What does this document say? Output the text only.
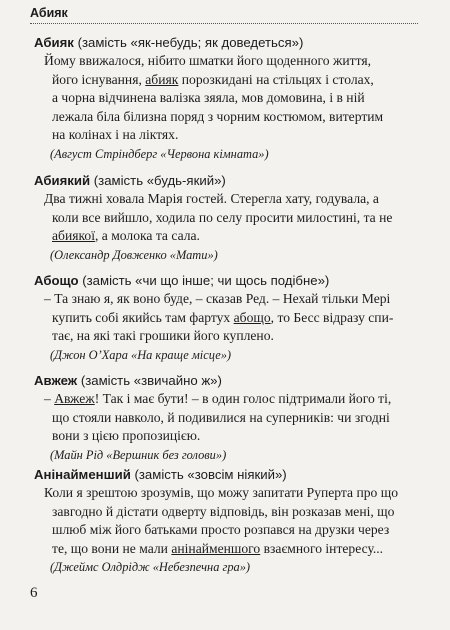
Абияк
Абияк (замість «як-небудь; як доведеться»)
Йому ввижалося, нібито шматки його щоденного життя,
його існування, абияк порозкидані на стільцях і столах,
а чорна відчинена валізка зяяла, мов домовина, і в ній
лежала біла білизна поряд з чорним костюмом, витертим
на колінах і на ліктях.
(Август Стріндберг «Червона кімната»)
Абиякий (замість «будь-який»)
Два тижні ховала Марія гостей. Стерегла хату, годувала, а
коли все вийшло, ходила по селу просити милостині, та не
абиякої, а молока та сала.
(Олександр Довженко «Мати»)
Абощо (замість «чи що інше; чи щось подібне»)
– Та знаю я, як воно буде, – сказав Ред. – Нехай тільки Мері
купить собі якийсь там фартух абощо, то Бесс відразу спи-
тає, на які такі грошики його куплено.
(Джон О’Хара «На краще місце»)
Авжеж (замість «звичайно ж»)
– Авжеж! Так і має бути! – в один голос підтримали його ті,
що стояли навколо, й подивилися на суперників: чи згодні
вони з цією пропозицією.
(Майн Рід «Вершник без голови»)
Анінайменший (замість «зовсім ніякий»)
Коли я зрештою зрозумів, що можу запитати Руперта про що
завгодно й дістати одверту відповідь, він розказав мені, що
шлюб між його батьками просто розпався на друзки через
те, що вони не мали анінайменшого взаємного інтересу...
(Джеймс Олдрідж «Небезпечна гра»)
6
